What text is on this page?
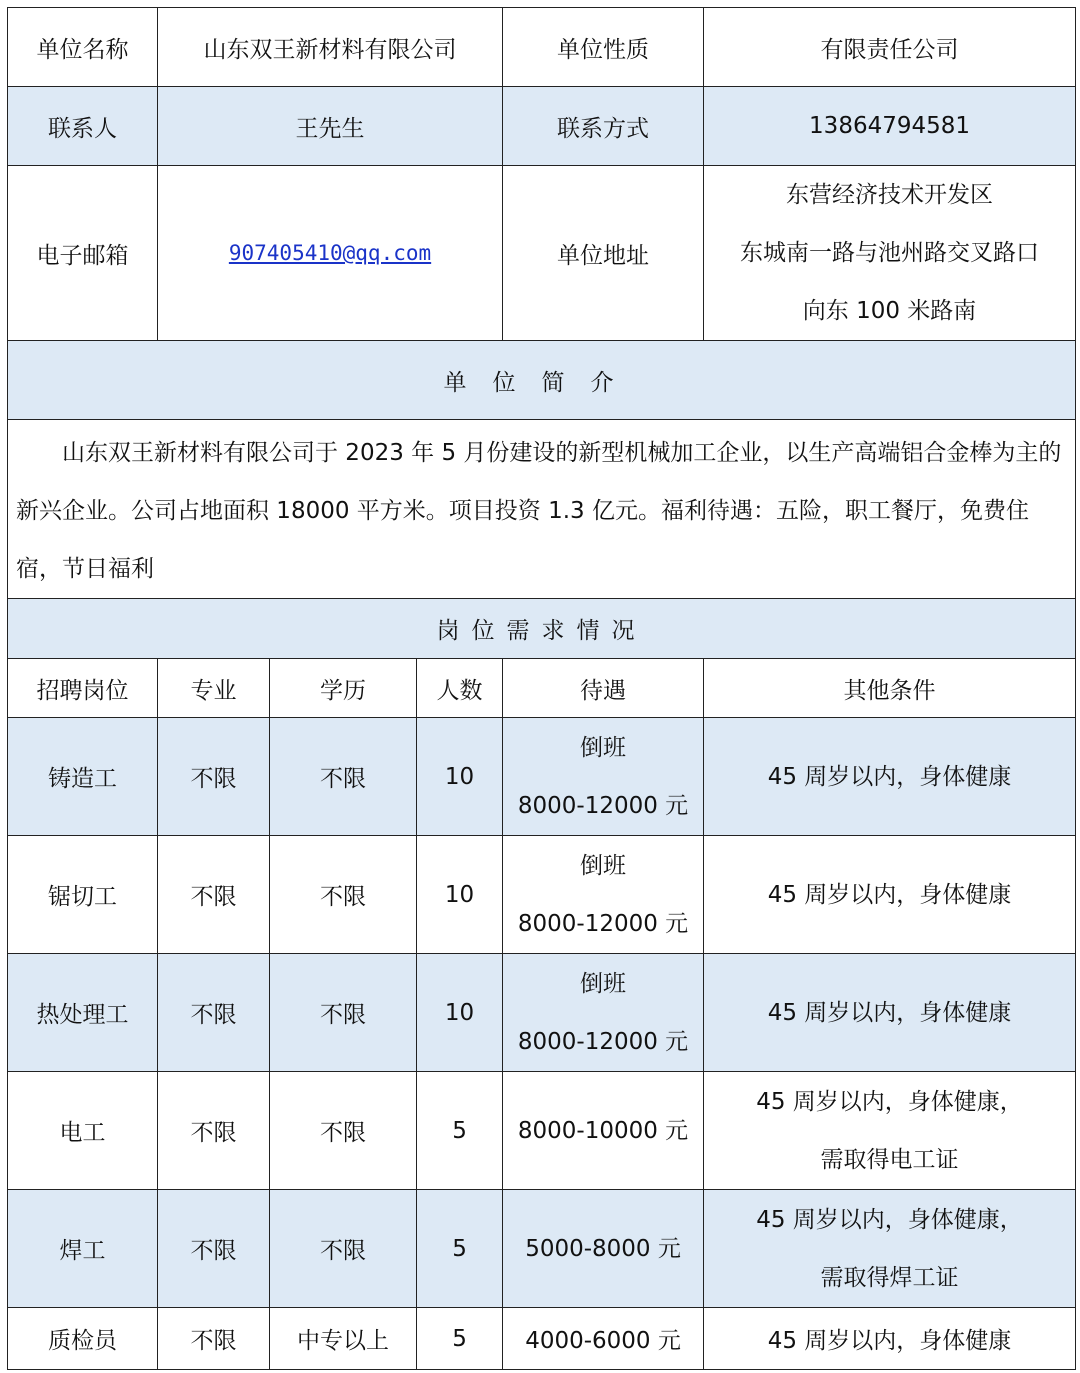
单位名称	山东双王新材料有限公司			单位性质	有限责任公司
联系人	王先生			联系方式	13864794581
电子邮箱	907405410@qq.com			单位地址	东营经济技术开发区
东城南一路与池州路交叉路口
向东 100 米路南

单位简介					

山东双王新材料有限公司于 2023 年 5 月份建设的新型机械加工企业，以生产高端铝合金棒为主的新兴企业。公司占地面积 18000 平方米。项目投资 1.3 亿元。福利待遇：五险，职工餐厅，免费住宿，节日福利					

岗位需求情况					
招聘岗位	专业	学历	人数	待遇	其他条件
铸造工	不限	不限	10	倒班
8000-12000 元	45 周岁以内，身体健康

锯切工	不限	不限	10	倒班
8000-12000 元	45 周岁以内，身体健康

热处理工	不限	不限	10	倒班
8000-12000 元	45 周岁以内，身体健康

电工	不限	不限	5	8000-10000 元	45 周岁以内，身体健康，
需取得电工证

焊工	不限	不限	5	5000-8000 元	45 周岁以内，身体健康，
需取得焊工证

质检员	不限	中专以上	5	4000-6000 元	45 周岁以内，身体健康
